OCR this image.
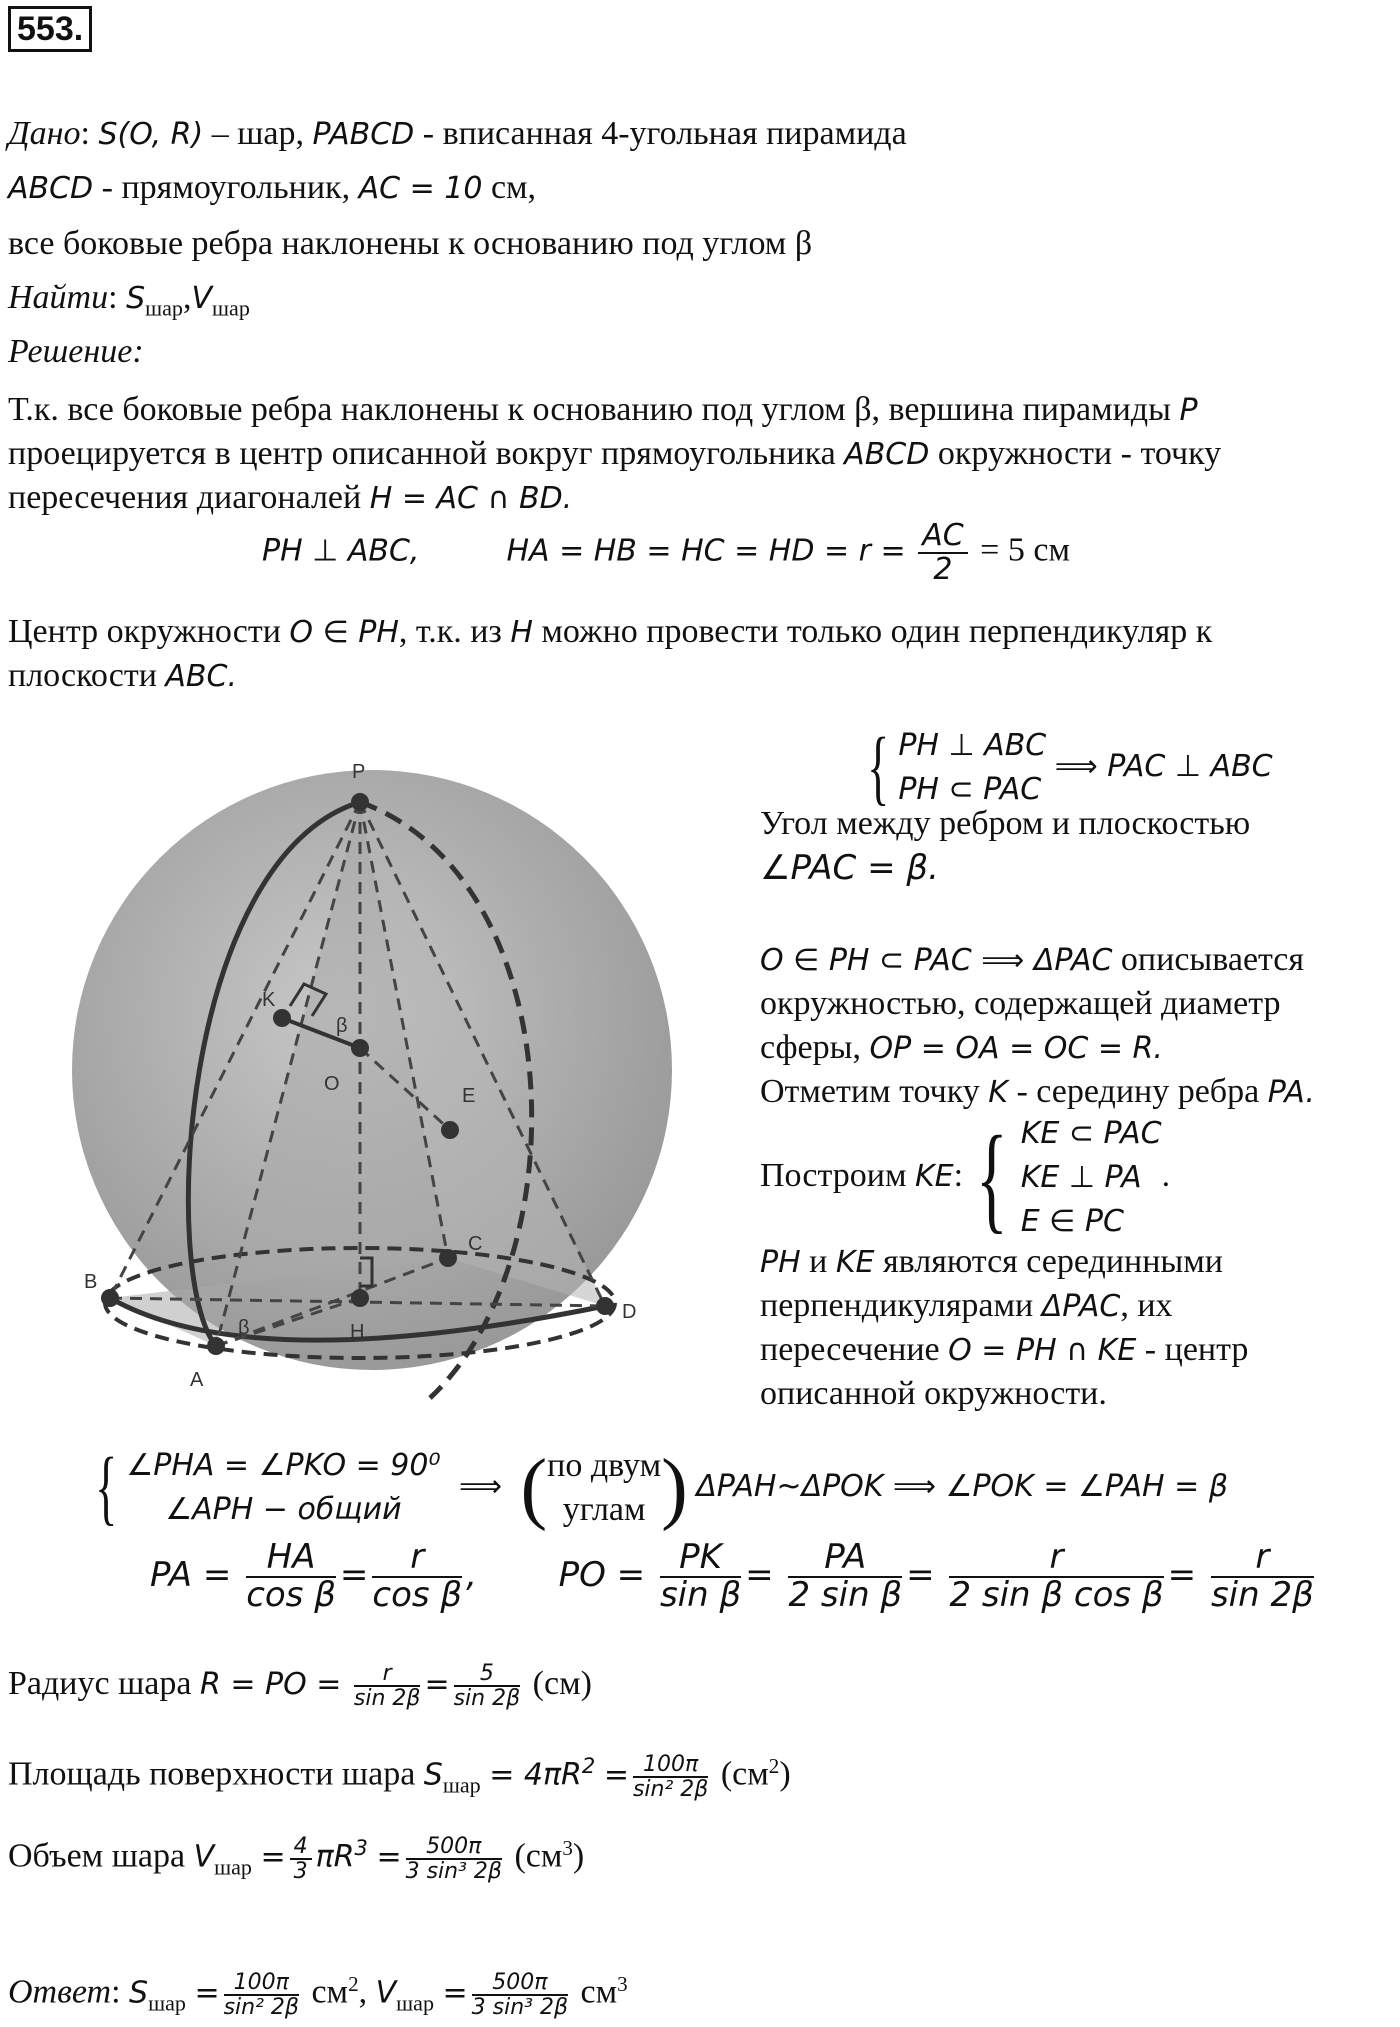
553.
Дано: S(O, R) – шар, PABCD - вписанная 4-угольная пирамида
ABCD - прямоугольник, AC = 10 см,
все боковые ребра наклонены к основанию под углом β
Найти: $S_{шар},V_{шар}$
Решение:
Т.к. все боковые ребра наклонены к основанию под углом β, вершина пирамиды P
проецируется в центр описанной вокруг прямоугольника ABCD окружности - точку
пересечения диагоналей H = AC ∩ BD.
PH ⊥ ABC,	HA = HB = HC = HD = $r = \frac{AC}{2} = 5$ см
Центр окружности O ∈ PH, т.к. из H можно провести только один перпендикуляр к
плоскости ABC.
P
K
O
E
B
C
D
A
H
β
β
{ PH ⊥ ABC
PH ⊂ PAC
⟹ PAC ⊥ ABC
Угол между ребром и плоскостью
∠PAC = β.
O ∈ PH ⊂ PAC ⟹ ΔPAC описывается
окружностью, содержащей диаметр
сферы, OP = OA = OC = R.
Отметим точку K - середину ребра PA.
Построим KE: { KE ⊂ PAC
KE ⊥ PA
E ∈ PC
.
PH и KE являются серединными
перпендикулярами ΔPAC, их
пересечение O = PH ∩ KE - центр
описанной окружности.
{ ∠PHA = ∠PKO = 90⁰
∠APH − общий
⟹ ( по двум
углам ) ΔPAH~ΔPOK ⟹ ∠POK = ∠PAH = β
PA = $\frac{HA}{\text{cos β}} = \frac{r}{\text{cos β}}$ , PO = $\frac{PK}{\text{sin β}} = \frac{PA}{\text{2 sin β}} = \frac{r}{\text{2 sin β cos β}} = \frac{r}{\sin 2\beta}$
Радиус шара R = PO = $\frac{r}{\sin 2\beta} = \frac{5}{\sin 2\beta} (см)$
Площадь поверхности шара $S_{шар} = 4\pi R^2 = \frac{100\pi}{\text{sin² 2β}} (см^2)$
Объем шара $V_{шар} = \frac{4}{3} \pi R^3 = \frac{500\pi}{\text{3 sin³ 2β}} (см^3)$
Ответ: $S_{шар} = \frac{100\pi}{\text{sin² 2β}} см^2$, $V_{шар} = \frac{500\pi}{\text{3 sin³ 2β}} см^3$
